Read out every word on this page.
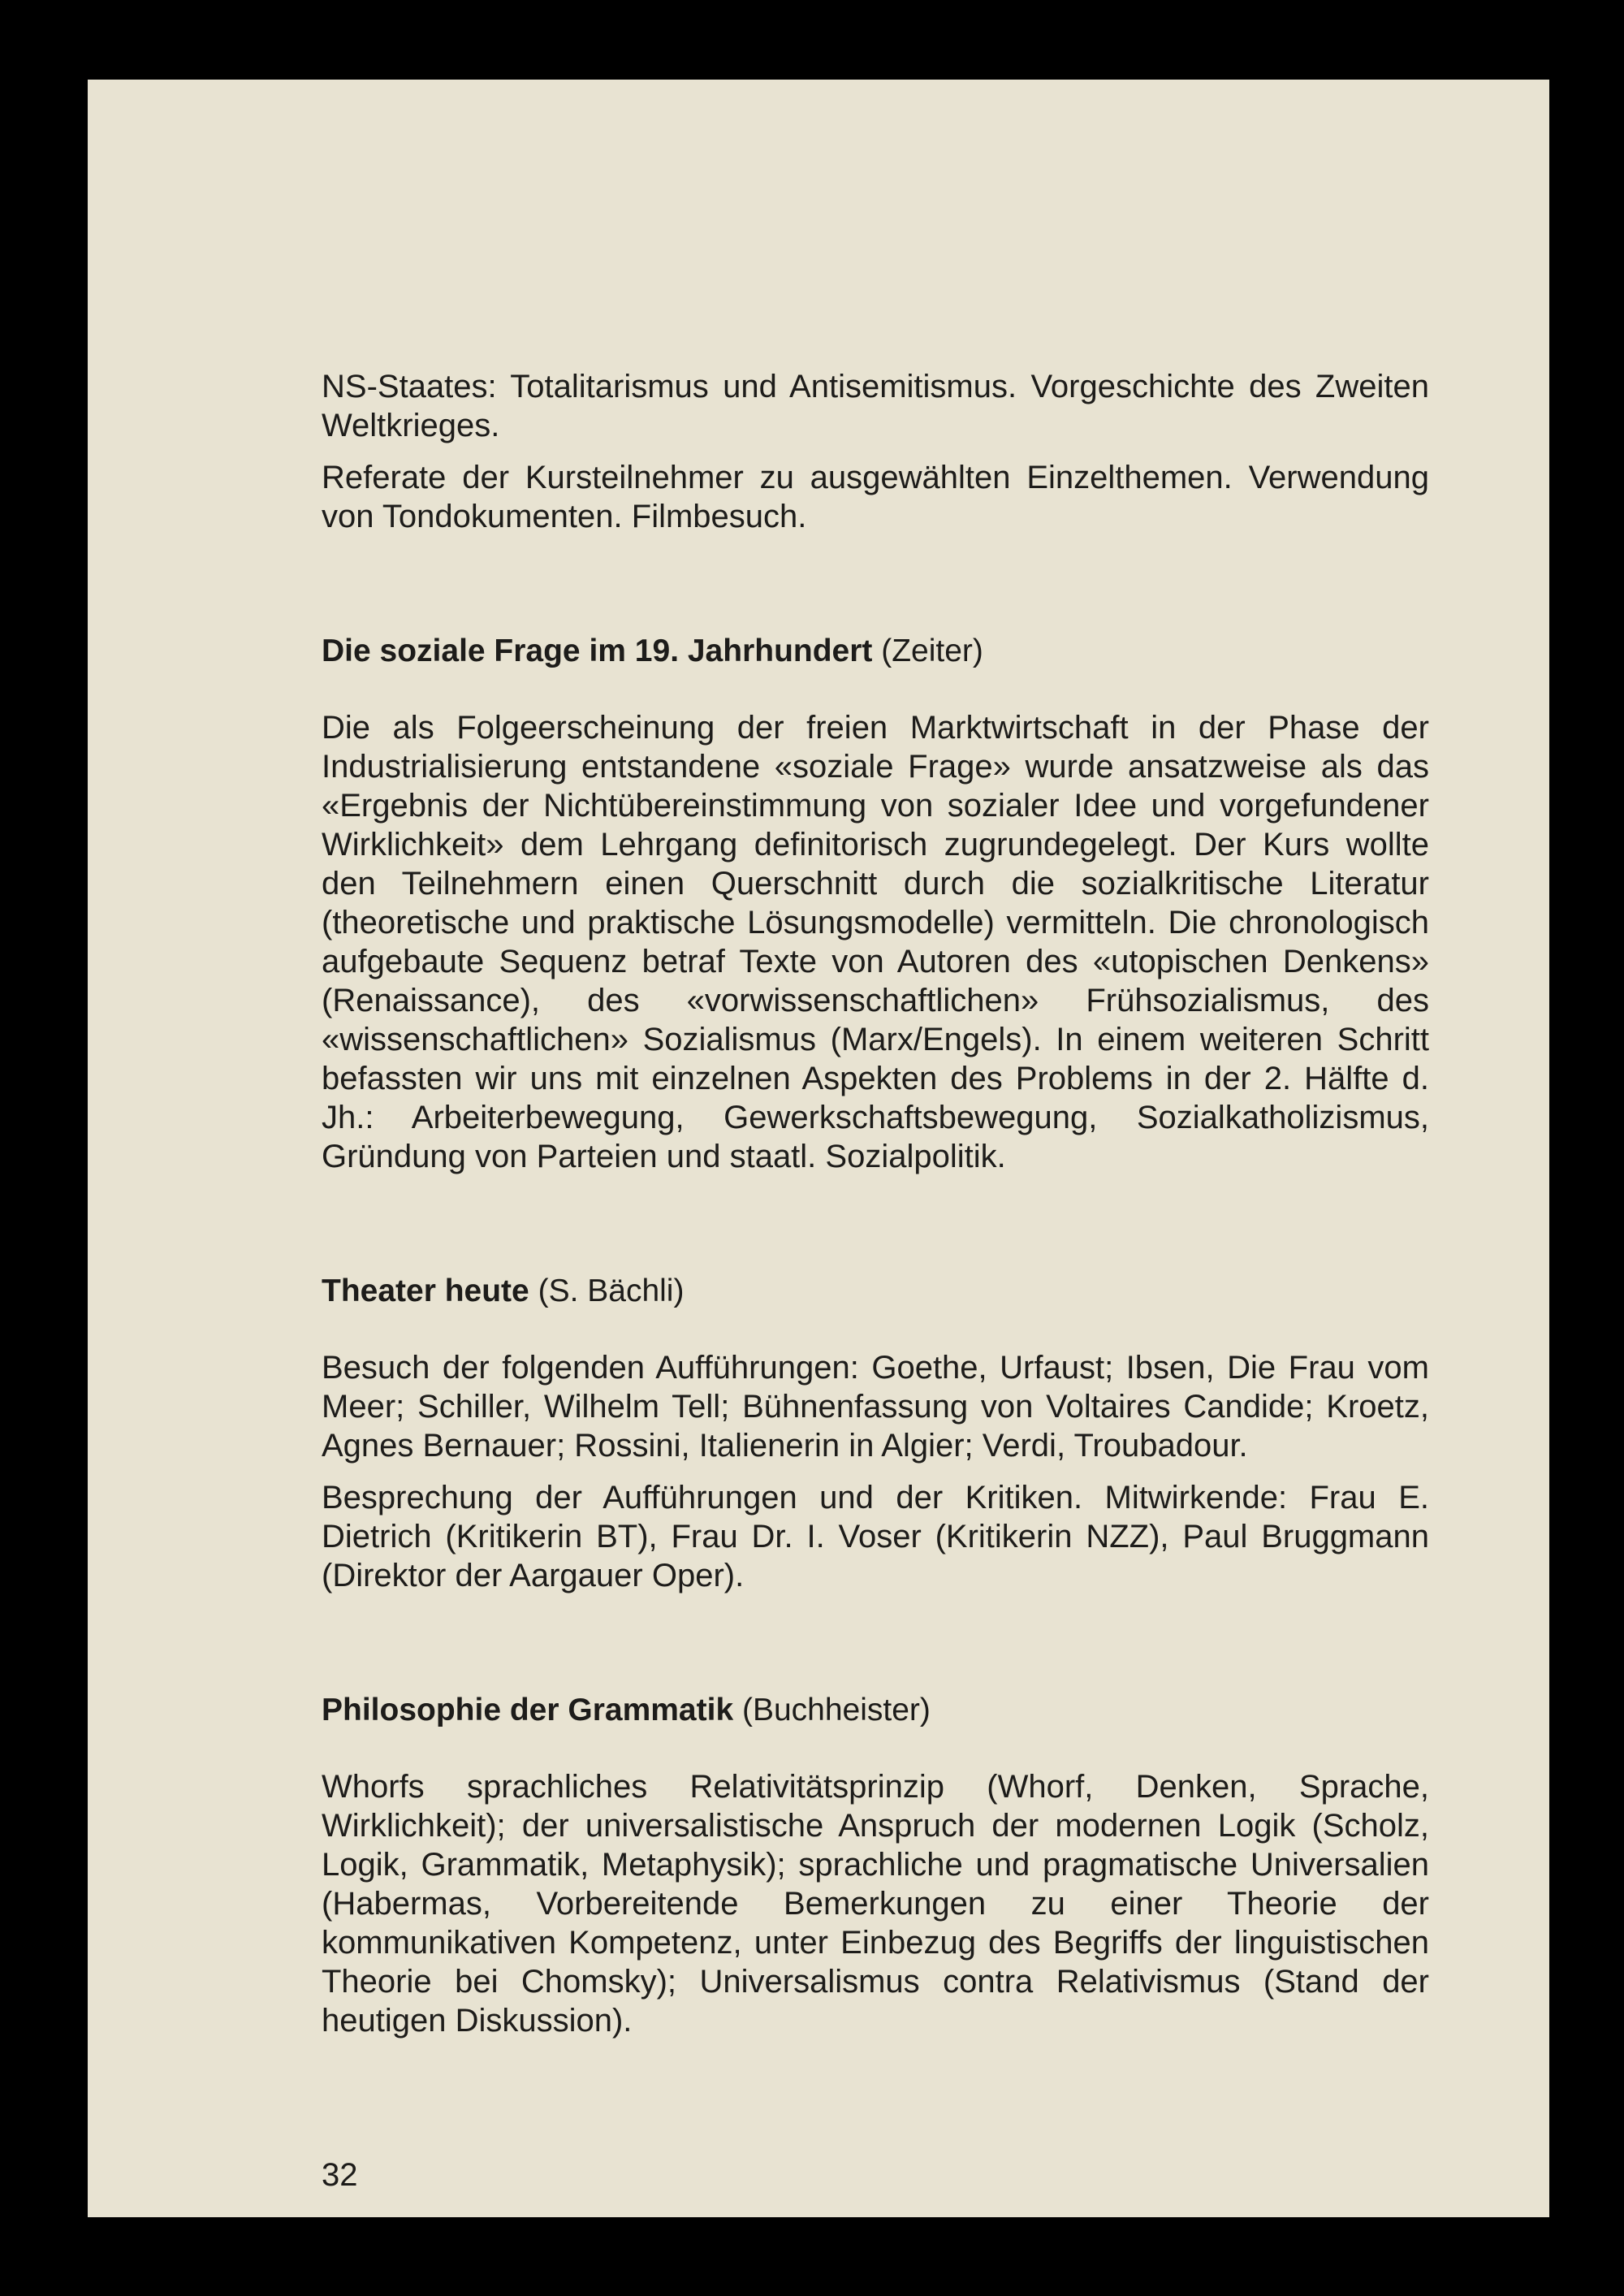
NS-Staates: Totalitarismus und Antisemitismus. Vorgeschichte des Zweiten Weltkrieges.

Referate der Kursteilnehmer zu ausgewählten Einzelthemen. Verwendung von Tondokumenten. Filmbesuch.

Die soziale Frage im 19. Jahrhundert (Zeiter)

Die als Folgeerscheinung der freien Marktwirtschaft in der Phase der Industrialisierung entstandene «soziale Frage» wurde ansatzweise als das «Ergebnis der Nichtübereinstimmung von sozialer Idee und vorgefundener Wirklichkeit» dem Lehrgang definitorisch zugrundegelegt. Der Kurs wollte den Teilnehmern einen Querschnitt durch die sozialkritische Literatur (theoretische und praktische Lösungsmodelle) vermitteln. Die chronologisch aufgebaute Sequenz betraf Texte von Autoren des «utopischen Denkens» (Renaissance), des «vorwissenschaftlichen» Frühsozialismus, des «wissenschaftlichen» Sozialismus (Marx/Engels). In einem weiteren Schritt befassten wir uns mit einzelnen Aspekten des Problems in der 2. Hälfte d. Jh.: Arbeiterbewegung, Gewerkschaftsbewegung, Sozialkatholizismus, Gründung von Parteien und staatl. Sozialpolitik.

Theater heute (S. Bächli)

Besuch der folgenden Aufführungen: Goethe, Urfaust; Ibsen, Die Frau vom Meer; Schiller, Wilhelm Tell; Bühnenfassung von Voltaires Candide; Kroetz, Agnes Bernauer; Rossini, Italienerin in Algier; Verdi, Troubadour.

Besprechung der Aufführungen und der Kritiken. Mitwirkende: Frau E. Dietrich (Kritikerin BT), Frau Dr. I. Voser (Kritikerin NZZ), Paul Bruggmann (Direktor der Aargauer Oper).

Philosophie der Grammatik (Buchheister)

Whorfs sprachliches Relativitätsprinzip (Whorf, Denken, Sprache, Wirklichkeit); der universalistische Anspruch der modernen Logik (Scholz, Logik, Grammatik, Metaphysik); sprachliche und pragmatische Universalien (Habermas, Vorbereitende Bemerkungen zu einer Theorie der kommunikativen Kompetenz, unter Einbezug des Begriffs der linguistischen Theorie bei Chomsky); Universalismus contra Relativismus (Stand der heutigen Diskussion).

32
